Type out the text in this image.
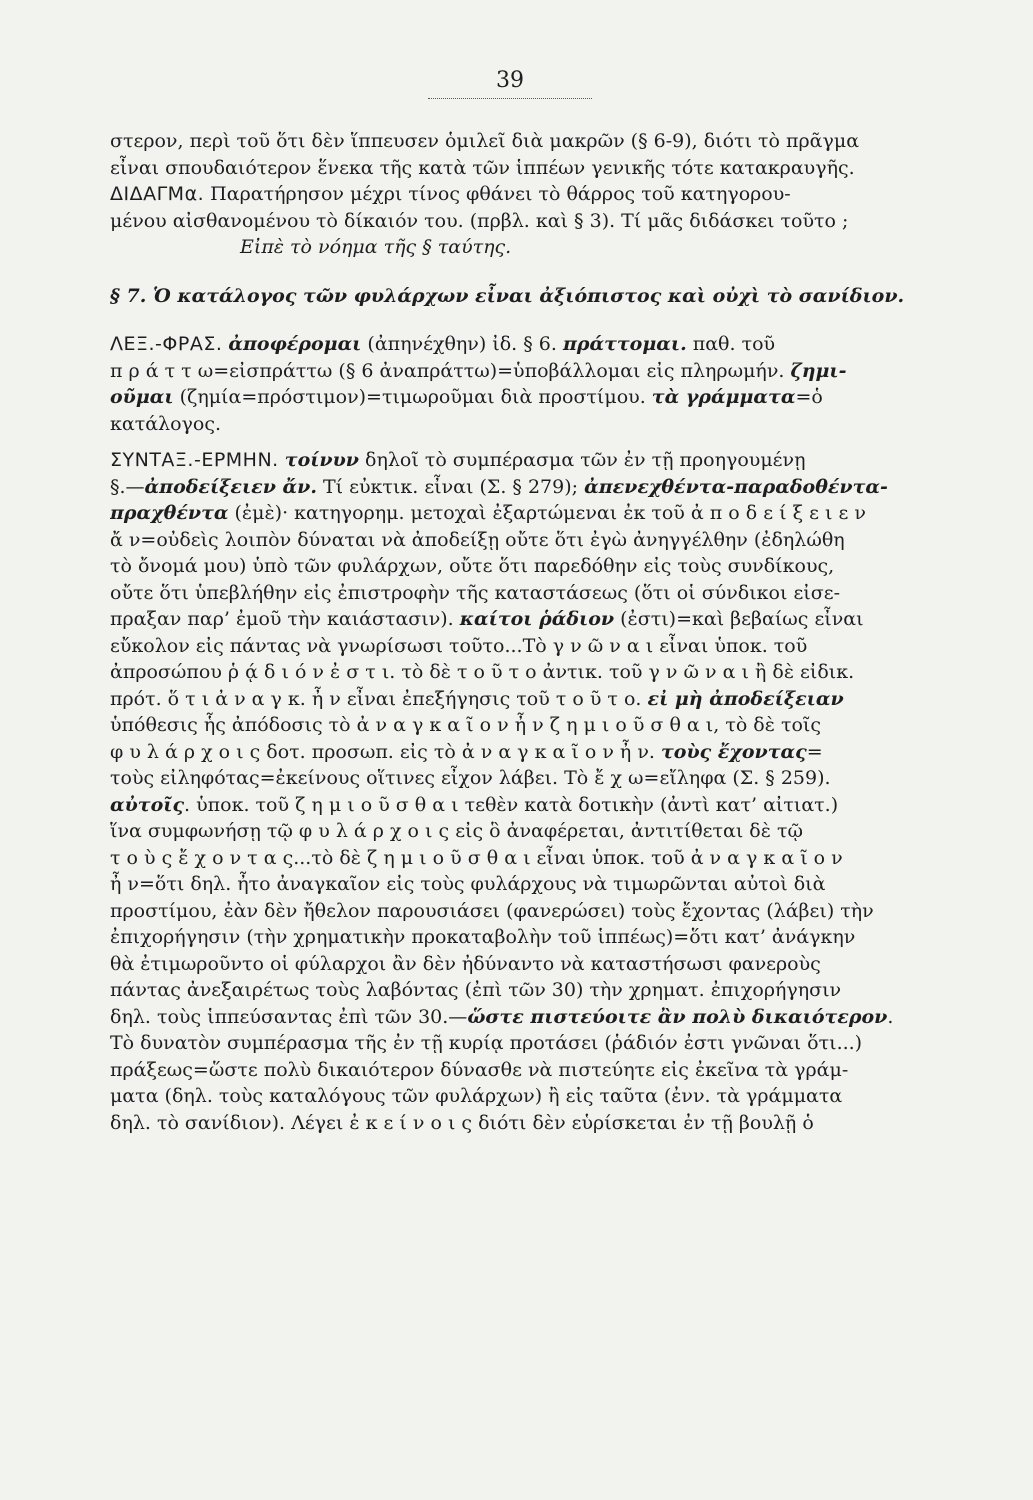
39
στερον, περὶ τοῦ ὅτι δὲν ἵππευσεν ὁμιλεῖ διὰ μακρῶν (§ 6-9), διότι τὸ πρᾶγμα
εἶναι σπουδαιότερον ἕνεκα τῆς κατὰ τῶν ἱππέων γενικῆς τότε κατακραυγῆς.
ΔΙΔΑΓΜα. Παρατήρησον μέχρι τίνος φθάνει τὸ θάρρος τοῦ κατηγορου-
μένου αἰσθανομένου τὸ δίκαιόν του. (πρβλ. καὶ § 3). Τί μᾶς διδάσκει τοῦτο ;
Εἰπὲ τὸ νόημα τῆς § ταύτης.
§ 7. Ὁ κατάλογος τῶν φυλάρχων εἶναι ἀξιόπιστος καὶ οὐχὶ τὸ σανίδιον.
ΛΕΞ.-ΦΡΑΣ. ἀποφέρομαι (ἀπηνέχθην) ἰδ. § 6. πράττομαι. παθ. τοῦ
π ρ ά τ τ ω=εἰσπράττω (§ 6 ἀναπράττω)=ὑποβάλλομαι εἰς πληρωμήν. ζημι-
οῦμαι (ζημία=πρόστιμον)=τιμωροῦμαι διὰ προστίμου. τὰ γράμματα=ὁ
κατάλογος.
ΣΥΝΤΑΞ.-ΕΡΜΗΝ. τοίνυν δηλοῖ τὸ συμπέρασμα τῶν ἐν τῇ προηγουμένῃ
§.—ἀποδείξειεν ἄν. Τί εὐκτικ. εἶναι (Σ. § 279); ἀπενεχθέντα-παραδοθέντα-
πραχθέντα (ἐμὲ)· κατηγορημ. μετοχαὶ ἐξαρτώμεναι ἐκ τοῦ ἀ π ο δ ε ί ξ ε ι ε ν
ἄ ν=οὐδεὶς λοιπὸν δύναται νὰ ἀποδείξῃ οὔτε ὅτι ἐγὼ ἀνηγγέλθην (ἐδηλώθη
τὸ ὄνομά μου) ὑπὸ τῶν φυλάρχων, οὔτε ὅτι παρεδόθην εἰς τοὺς συνδίκους,
οὔτε ὅτι ὑπεβλήθην εἰς ἐπιστροφὴν τῆς καταστάσεως (ὅτι οἱ σύνδικοι εἰσε-
πραξαν παρ’ ἐμοῦ τὴν καιάστασιν). καίτοι ῥάδιον (ἐστι)=καὶ βεβαίως εἶναι
εὔκολον εἰς πάντας νὰ γνωρίσωσι τοῦτο...Τὸ γ ν ῶ ν α ι εἶναι ὑποκ. τοῦ
ἀπροσώπου ῥ ᾴ δ ι ό ν ἐ σ τ ι. τὸ δὲ τ ο ῦ τ ο ἀντικ. τοῦ γ ν ῶ ν α ι ἢ δὲ εἰδικ.
πρότ. ὅ τ ι ἀ ν α γ κ. ἦ ν εἶναι ἐπεξήγησις τοῦ τ ο ῦ τ ο. εἰ μὴ ἀποδείξειαν
ὑπόθεσις ἧς ἀπόδοσις τὸ ἀ ν α γ κ α ῖ ο ν ἦ ν ζ η μ ι ο ῦ σ θ α ι, τὸ δὲ τοῖς
φ υ λ ά ρ χ ο ι ς δοτ. προσωπ. εἰς τὸ ἀ ν α γ κ α ῖ ο ν ἦ ν. τοὺς ἔχοντας=
τοὺς εἰληφότας=ἐκείνους οἵτινες εἶχον λάβει. Τὸ ἔ χ ω=εἴληφα (Σ. § 259).
αὐτοῖς. ὑποκ. τοῦ ζ η μ ι ο ῦ σ θ α ι τεθὲν κατὰ δοτικὴν (ἀντὶ κατ’ αἰτιατ.)
ἵνα συμφωνήσῃ τῷ φ υ λ ά ρ χ ο ι ς εἰς ὃ ἀναφέρεται, ἀντιτίθεται δὲ τῷ
τ ο ὺ ς ἔ χ ο ν τ α ς...τὸ δὲ ζ η μ ι ο ῦ σ θ α ι εἶναι ὑποκ. τοῦ ἀ ν α γ κ α ῖ ο ν
ἦ ν=ὅτι δηλ. ἦτο ἀναγκαῖον εἰς τοὺς φυλάρχους νὰ τιμωρῶνται αὐτοὶ διὰ
προστίμου, ἐὰν δὲν ἤθελον παρουσιάσει (φανερώσει) τοὺς ἔχοντας (λάβει) τὴν
ἐπιχορήγησιν (τὴν χρηματικὴν προκαταβολὴν τοῦ ἱππέως)=ὅτι κατ’ ἀνάγκην
θὰ ἐτιμωροῦντο οἱ φύλαρχοι ἂν δὲν ἠδύναντο νὰ καταστήσωσι φανεροὺς
πάντας ἀνεξαιρέτως τοὺς λαβόντας (ἐπὶ τῶν 30) τὴν χρηματ. ἐπιχορήγησιν
δηλ. τοὺς ἱππεύσαντας ἐπὶ τῶν 30.—ὥστε πιστεύοιτε ἂν πολὺ δικαιότερον.
Τὸ δυνατὸν συμπέρασμα τῆς ἐν τῇ κυρίᾳ προτάσει (ῥάδιόν ἐστι γνῶναι ὅτι...)
πράξεως=ὥστε πολὺ δικαιότερον δύνασθε νὰ πιστεύητε εἰς ἐκεῖνα τὰ γράμ-
ματα (δηλ. τοὺς καταλόγους τῶν φυλάρχων) ἢ εἰς ταῦτα (ἐνν. τὰ γράμματα
δηλ. τὸ σανίδιον). Λέγει ἐ κ ε ί ν ο ι ς διότι δὲν εὑρίσκεται ἐν τῇ βουλῇ ὁ
